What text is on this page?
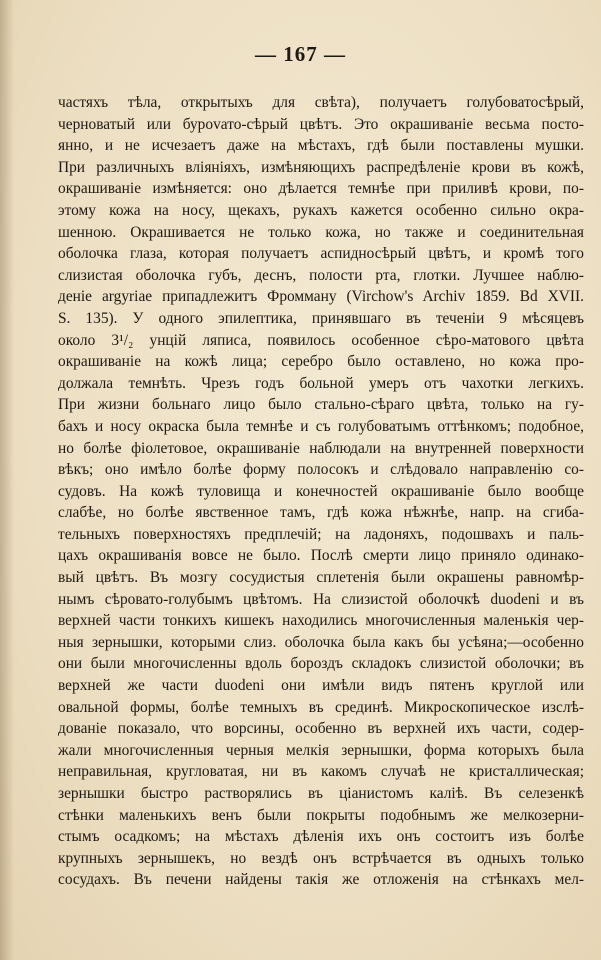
— 167 —
частяхъ тѣла, открытыхъ для свѣта), получаетъ голубоватосѣрый,
черноватый или бурovато-сѣрый цвѣтъ. Это окрашиваніе весьма посто-
янно, и не исчезаетъ даже на мѣстахъ, гдѣ были поставлены мушки.
При различныхъ вліяніяхъ, измѣняющихъ распредѣленіе крови въ кожѣ,
окрашиваніе измѣняется: оно дѣлается темнѣе при приливѣ крови, по-
этому кожа на носу, щекахъ, рукахъ кажется особенно сильно окра-
шенною. Окрашивается не только кожа, но также и соединительная
оболочка глаза, которая получаетъ аспидносѣрый цвѣтъ, и кромѣ того
слизистая оболочка губъ, деснъ, полости рта, глотки. Лучшее наблю-
деніе argyriae припадлежитъ Фромману (Virchow's Archiv 1859. Bd XVII.
S. 135). У одного эпилептика, принявшаго въ теченіи 9 мѣсяцевъ
около 3¹/₂ унцій ляписа, появилось особенное сѣро-матового цвѣта
окрашиваніе на кожѣ лица; серебро было оставлено, но кожа про-
должала темнѣть. Чрезъ годъ больной умеръ отъ чахотки легкихъ.
При жизни больнаго лицо было стально-сѣраго цвѣта, только на гу-
бахъ и носу окраска была темнѣе и съ голубоватымъ оттѣнкомъ; подобное,
но болѣе фіолетовое, окрашиваніе наблюдали на внутренней поверхности
вѣкъ; оно имѣло болѣе форму полосокъ и слѣдовало направленію со-
судовъ. На кожѣ туловища и конечностей окрашиваніе было вообще
слабѣе, но болѣе явственное тамъ, гдѣ кожа нѣжнѣе, напр. на сгиба-
тельныхъ поверхностяхъ предплечій; на ладоняхъ, подошвахъ и паль-
цахъ окрашиванія вовсе не было. Послѣ смерти лицо приняло одинако-
вый цвѣтъ. Въ мозгу сосудистыя сплетенія были окрашены равномѣр-
нымъ сѣровато-голубымъ цвѣтомъ. На слизистой оболочкѣ duodeni и въ
верхней части тонкихъ кишекъ находились многочисленныя маленькія чер-
ныя зернышки, которыми слиз. оболочка была какъ бы усѣяна;—особенно
они были многочисленны вдоль бороздъ складокъ слизистой оболочки; въ
верхней же части duodeni они имѣли видъ пятенъ круглой или
овальной формы, болѣе темныхъ въ срединѣ. Микроскопическое изслѣ-
дованіе показало, что ворсины, особенно въ верхней ихъ части, содер-
жали многочисленныя черныя мелкія зернышки, форма которыхъ была
неправильная, кругловатая, ни въ какомъ случаѣ не кристаллическая;
зернышки быстро растворялись въ ціанистомъ каліѣ. Въ селезенкѣ
стѣнки маленькихъ венъ были покрыты подобнымъ же мелкозерни-
стымъ осадкомъ; на мѣстахъ дѣленія ихъ онъ состоитъ изъ болѣе
крупныхъ зернышекъ, но вездѣ онъ встрѣчается въ одныхъ только
сосудахъ. Въ печени найдены такія же отложенія на стѣнкахъ мел-
